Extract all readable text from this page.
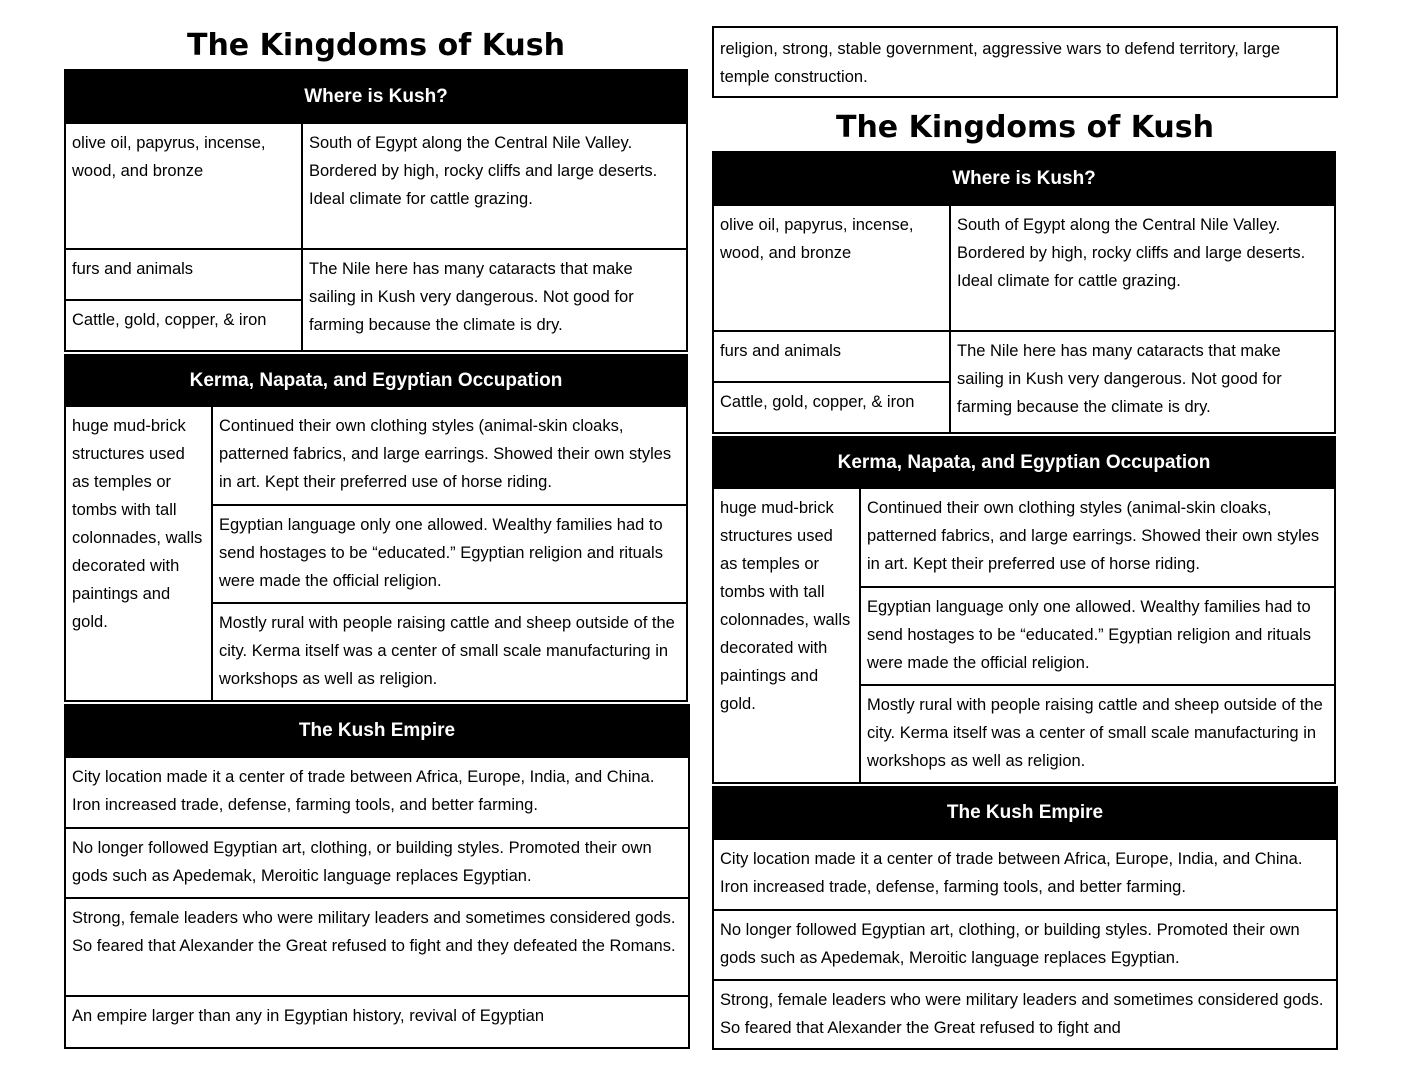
The Kingdoms of Kush
Where is Kush?
olive oil, papyrus, incense, wood, and bronze
South of Egypt along the Central Nile Valley. Bordered by high, rocky cliffs and large deserts. Ideal climate for cattle grazing.
furs and animals
Cattle, gold, copper, & iron
The Nile here has many cataracts that make sailing in Kush very dangerous. Not good for farming because the climate is dry.
Kerma, Napata, and Egyptian Occupation
huge mud-brick structures used as temples or tombs with tall colonnades, walls decorated with paintings and gold.
Continued their own clothing styles (animal-skin cloaks, patterned fabrics, and large earrings. Showed their own styles in art. Kept their preferred use of horse riding.
Egyptian language only one allowed. Wealthy families had to send hostages to be “educated.” Egyptian religion and rituals were made the official religion.
Mostly rural with people raising cattle and sheep outside of the city. Kerma itself was a center of small scale manufacturing in workshops as well as religion.
The Kush Empire
City location made it a center of trade between Africa, Europe, India, and China. Iron increased trade, defense, farming tools, and better farming.
No longer followed Egyptian art, clothing, or building styles. Promoted their own gods such as Apedemak, Meroitic language replaces Egyptian.
Strong, female leaders who were military leaders and sometimes considered gods. So feared that Alexander the Great refused to fight and they defeated the Romans.
An empire larger than any in Egyptian history, revival of Egyptian
religion, strong, stable government, aggressive wars to defend territory, large temple construction.
The Kingdoms of Kush
Where is Kush?
olive oil, papyrus, incense, wood, and bronze
South of Egypt along the Central Nile Valley. Bordered by high, rocky cliffs and large deserts. Ideal climate for cattle grazing.
furs and animals
Cattle, gold, copper, & iron
The Nile here has many cataracts that make sailing in Kush very dangerous. Not good for farming because the climate is dry.
Kerma, Napata, and Egyptian Occupation
huge mud-brick structures used as temples or tombs with tall colonnades, walls decorated with paintings and gold.
Continued their own clothing styles (animal-skin cloaks, patterned fabrics, and large earrings. Showed their own styles in art. Kept their preferred use of horse riding.
Egyptian language only one allowed. Wealthy families had to send hostages to be “educated.” Egyptian religion and rituals were made the official religion.
Mostly rural with people raising cattle and sheep outside of the city. Kerma itself was a center of small scale manufacturing in workshops as well as religion.
The Kush Empire
City location made it a center of trade between Africa, Europe, India, and China. Iron increased trade, defense, farming tools, and better farming.
No longer followed Egyptian art, clothing, or building styles. Promoted their own gods such as Apedemak, Meroitic language replaces Egyptian.
Strong, female leaders who were military leaders and sometimes considered gods. So feared that Alexander the Great refused to fight and
